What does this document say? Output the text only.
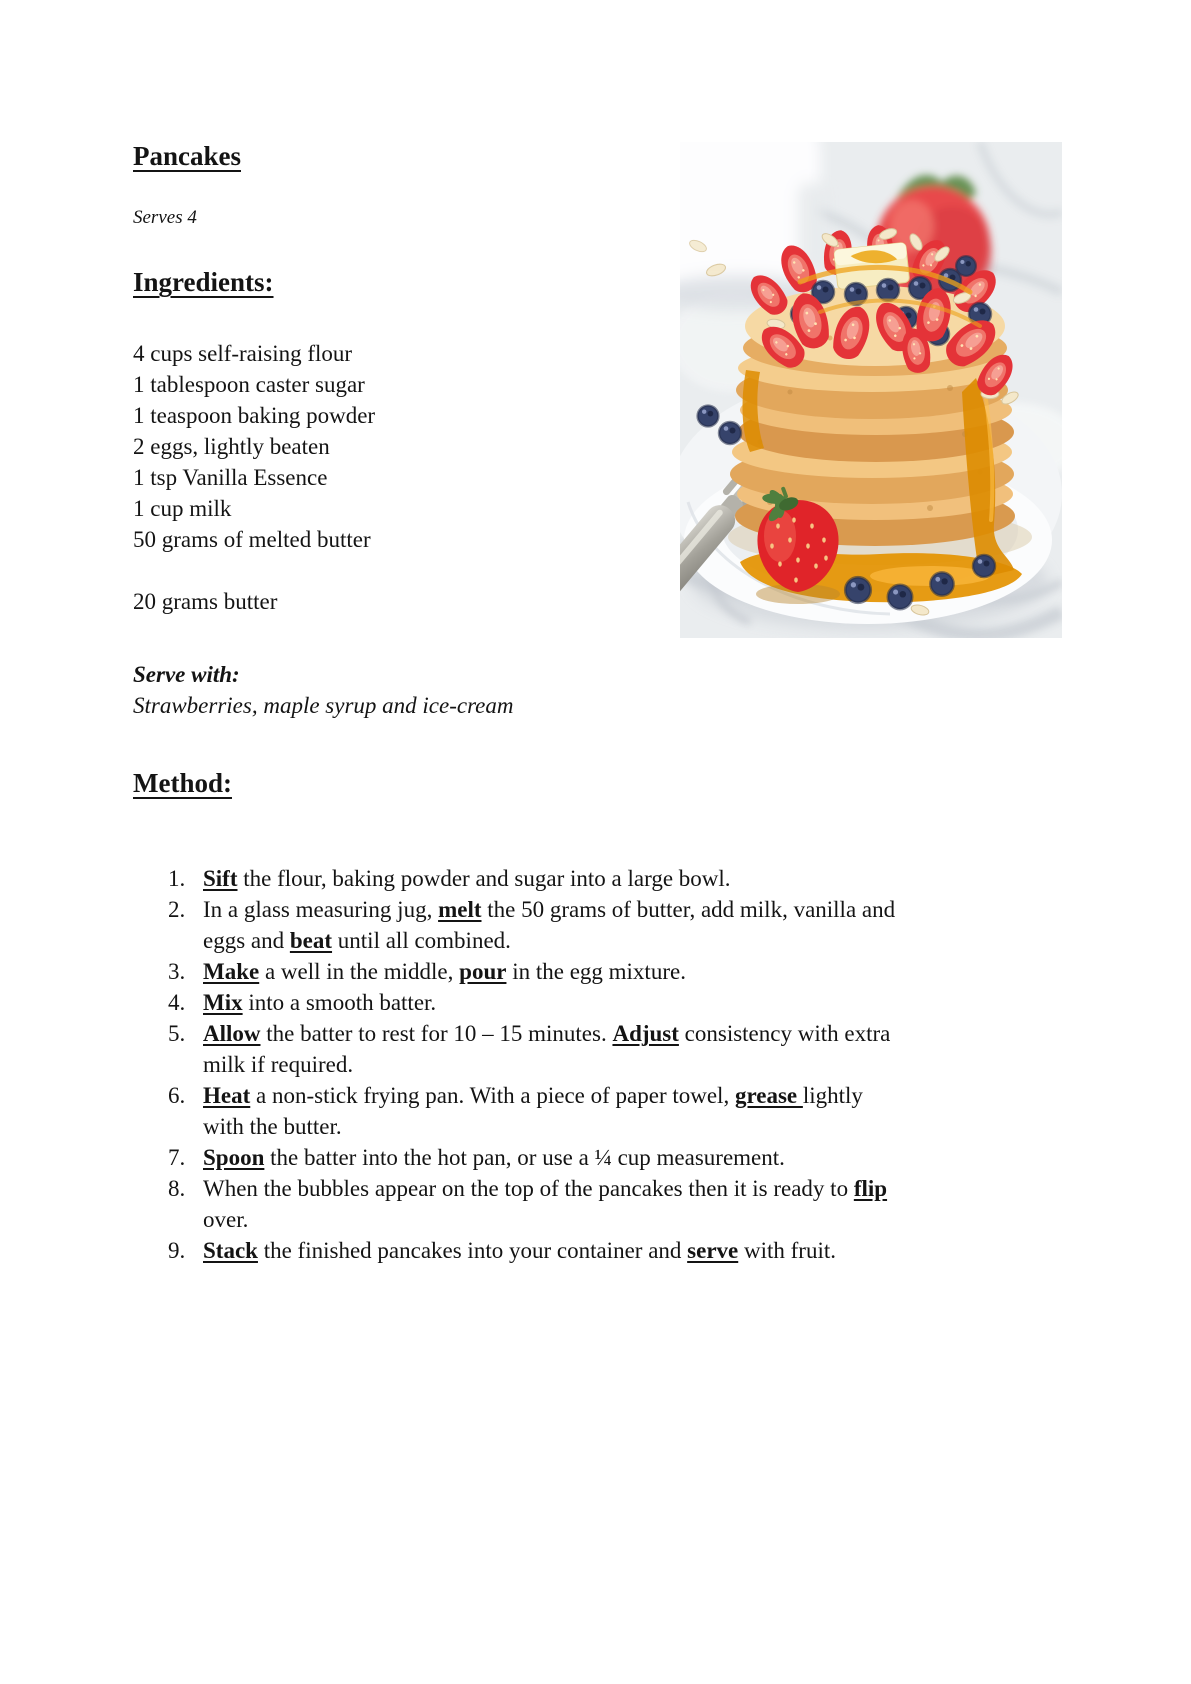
Pancakes
Serves 4
Ingredients:
4 cups self-raising flour
1 tablespoon caster sugar
1 teaspoon baking powder
2 eggs, lightly beaten
1 tsp Vanilla Essence
1 cup milk
50 grams of melted butter
20 grams butter
Serve with:
Strawberries, maple syrup and ice-cream
Method:
1. Sift the flour, baking powder and sugar into a large bowl.
2. In a glass measuring jug, melt the 50 grams of butter, add milk, vanilla and
eggs and beat until all combined.
3. Make a well in the middle, pour in the egg mixture.
4. Mix into a smooth batter.
5. Allow the batter to rest for 10 – 15 minutes. Adjust consistency with extra
milk if required.
6. Heat a non-stick frying pan. With a piece of paper towel, grease lightly
with the butter.
7. Spoon the batter into the hot pan, or use a ¼ cup measurement.
8. When the bubbles appear on the top of the pancakes then it is ready to flip
over.
9. Stack the finished pancakes into your container and serve with fruit.
